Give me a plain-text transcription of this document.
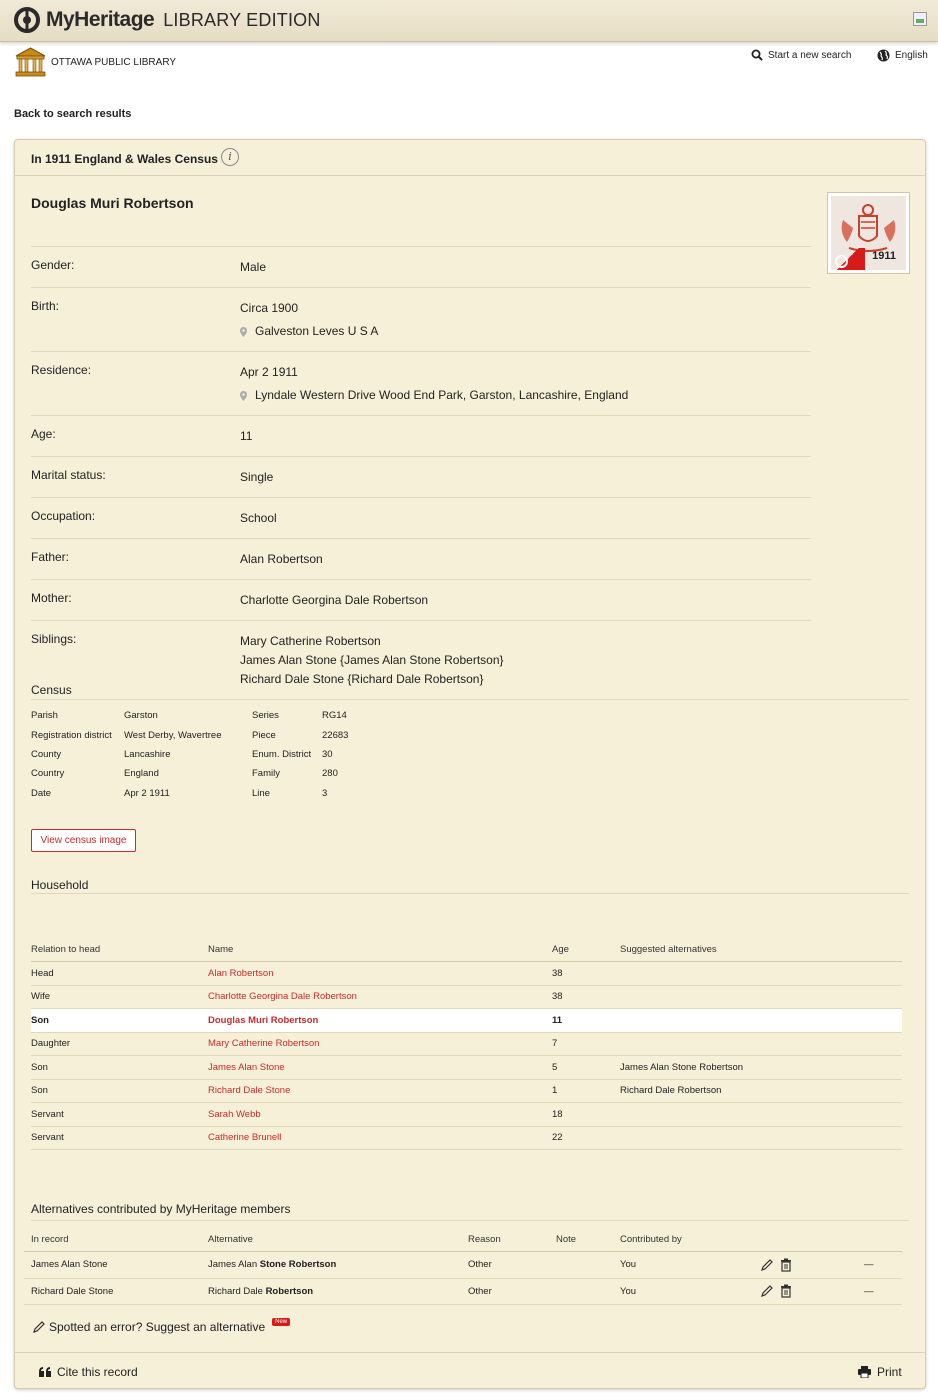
MyHeritage LIBRARY EDITION
OTTAWA PUBLIC LIBRARY
Start a new search	English
Back to search results
In 1911 England & Wales Census i
Douglas Muri Robertson
1911
Gender:	Male
Birth:	Circa 1900
Galveston Leves U S A
Residence:	Apr 2 1911
Lyndale Western Drive Wood End Park, Garston, Lancashire, England
Age:	11
Marital status:	Single
Occupation:	School
Father:	Alan Robertson
Mother:	Charlotte Georgina Dale Robertson
Siblings:	Mary Catherine Robertson
James Alan Stone {James Alan Stone Robertson}
Richard Dale Stone {Richard Dale Robertson}
Census
Parish	Garston	Series	RG14
Registration district	West Derby, Wavertree	Piece	22683
County	Lancashire	Enum. District	30
Country	England	Family	280
Date	Apr 2 1911	Line	3
View census image
Household
Relation to head	Name	Age	Suggested alternatives
Head	Alan Robertson	38	
Wife	Charlotte Georgina Dale Robertson	38	
Son	Douglas Muri Robertson	11	
Daughter	Mary Catherine Robertson	7	
Son	James Alan Stone	5	James Alan Stone Robertson
Son	Richard Dale Stone	1	Richard Dale Robertson
Servant	Sarah Webb	18	
Servant	Catherine Brunell	22	
Alternatives contributed by MyHeritage members
In record	Alternative	Reason	Note	Contributed by		
James Alan Stone	James Alan Stone Robertson	Other		You		—
Richard Dale Stone	Richard Dale Robertson	Other		You		—
Spotted an error? Suggest an alternative	New
Cite this record	Print
